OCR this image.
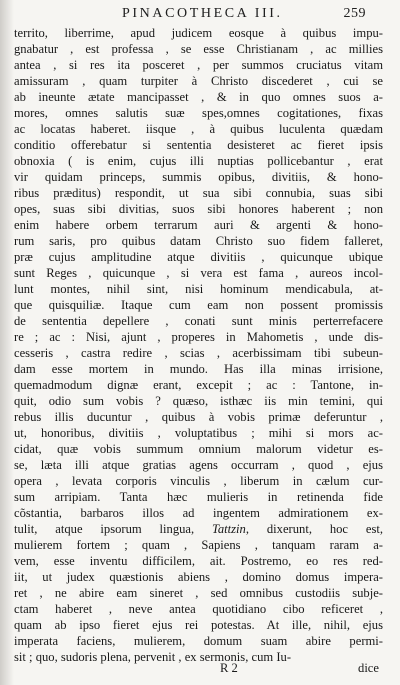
PINACOTHECA III.	259
territo, liberrime, apud judicem eosque à quibus impu-
gnabatur , est professa , se esse Christianam , ac millies
antea , si res ita posceret , per summos cruciatus vitam
amissuram , quam turpiter à Christo discederet , cui se
ab ineunte ætate mancipasset , & in quo omnes suos a-
mores, omnes salutis suæ spes,omnes cogitationes, fixas
ac locatas haberet. iisque , à quibus luculenta quædam
conditio offerebatur si sententia desisteret ac fieret ipsis
obnoxia ( is enim, cujus illi nuptias pollicebantur , erat
vir quidam princeps, summis opibus, divitiis, & hono-
ribus præditus) respondit, ut sua sibi connubia, suas sibi
opes, suas sibi divitias, suos sibi honores haberent ; non
enim habere orbem terrarum auri & argenti & hono-
rum saris, pro quibus datam Christo suo fidem falleret,
præ cujus amplitudine atque divitiis , quicunque ubique
sunt Reges , quicunque , si vera est fama , aureos incol-
lunt montes, nihil sint, nisi hominum mendicabula, at-
que quisquiliæ. Itaque cum eam non possent promissis
de sententia depellere , conati sunt minis perterrefacere
re ; ac : Nisi, ajunt , properes in Mahometis , unde dis-
cesseris , castra redire , scias , acerbissimam tibi subeun-
dam esse mortem in mundo. Has illa minas irrisione,
quemadmodum dignæ erant, excepit ; ac : Tantone, in-
quit, odio sum vobis ? quæso, isthæc iis min temini, qui
rebus illis ducuntur , quibus à vobis primæ deferuntur ,
ut, honoribus, divitiis , voluptatibus ; mihi si mors ac-
cidat, quæ vobis summum omnium malorum videtur es-
se, læta illi atque gratias agens occurram , quod , ejus
opera , levata corporis vinculis , liberum in cælum cur-
sum arripiam. Tanta hæc mulieris in retinenda fide
cõstantia, barbaros illos ad ingentem admirationem ex-
tulit, atque ipsorum lingua, Tattzin, dixerunt, hoc est,
mulierem fortem ; quam , Sapiens , tanquam raram a-
vem, esse inventu difficilem, ait. Postremo, eo res red-
iit, ut judex quæstionis abiens , domino domus impera-
ret , ne abire eam sineret , sed omnibus custodiis subje-
ctam haberet , neve antea quotidiano cibo reficeret ,
quam ab ipso fieret ejus rei potestas. At ille, nihil, ejus
imperata faciens, mulierem, domum suam abire permi-
sit ; quo, sudoris plena, pervenit , ex sermonis, cum Iu-
R 2	dice
